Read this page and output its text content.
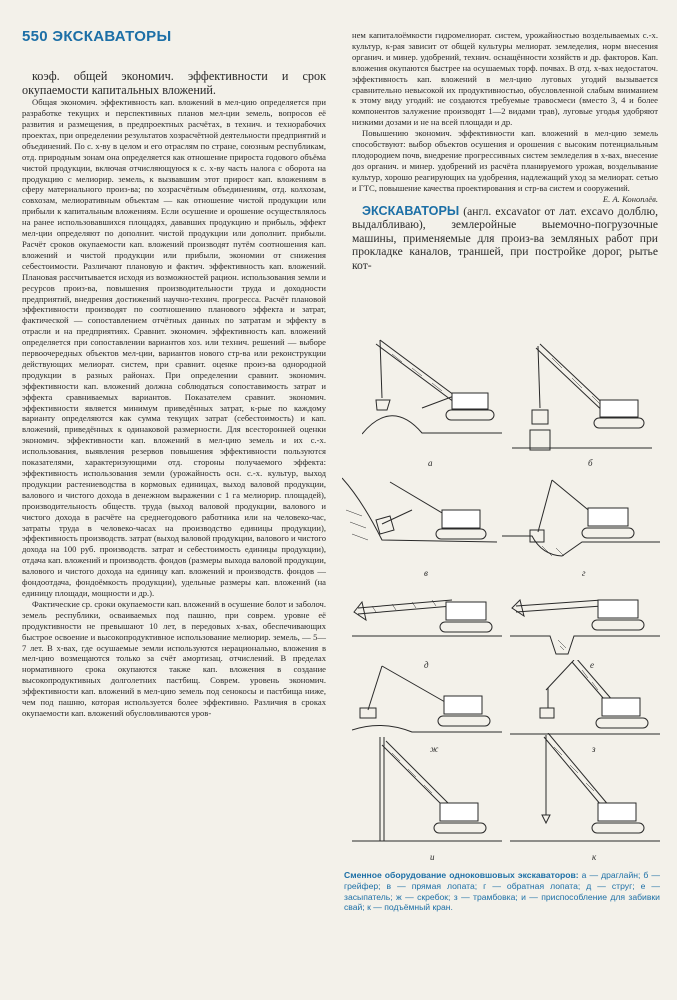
550 ЭКСКАВАТОРЫ

коэф. общей экономич. эффективности и срок окупаемости капитальных вложений.

Общая экономич. эффективность кап. вложений в мел-цию определяется при разработке текущих и перспективных планов мел-ции земель, вопросов её развития и размещения, в предпроектных расчётах, в технич. и технорабочих проектах, при определении результатов хозрасчётной деятельности предприятий и объединений. По с. х-ву в целом и его отраслям по стране, союзным республикам, отд. природным зонам она определяется как отношение прироста годового объёма чистой продукции, включая отчисляющуюся к с. х-ву часть налога с оборота на продукцию с мелиорир. земель, к вызвавшим этот прирост кап. вложениям в сферу материального произ-ва; по хозрасчётным объединениям, отд. колхозам, совхозам, мелиоративным объектам — как отношение чистой продукции или прибыли к капитальным вложениям. Если осушение и орошение осуществлялось на ранее использовавшихся площадях, дававших продукцию и прибыль, эффект мел-ции определяют по дополнит. чистой продукции или дополнит. прибыли. Расчёт сроков окупаемости кап. вложений производят путём соотношения кап. вложений и чистой продукции или прибыли, экономии от снижения себестоимости. Различают плановую и фактич. эффективность кап. вложений. Плановая рассчитывается исходя из возможностей рацион. использования земли и ресурсов произ-ва, повышения производительности труда и доходности предприятий, внедрения достижений научно-технич. прогресса. Расчёт плановой эффективности производят по соотношению планового эффекта и затрат, фактической — сопоставлением отчётных данных по затратам и эффекту в отрасли и на предприятиях. Сравнит. экономич. эффективность кап. вложений определяется при сопоставлении вариантов хоз. или технич. решений — выборе первоочередных объектов мел-ции, вариантов нового стр-ва или реконструкции действующих мелиорат. систем, при сравнит. оценке произ-ва однородной продукции в разных районах. При определении сравнит. экономич. эффективности кап. вложений должна соблюдаться сопоставимость затрат и эффекта сравниваемых вариантов. Показателем сравнит. экономич. эффективности является минимум приведённых затрат, к-рые по каждому варианту определяются как сумма текущих затрат (себестоимость) и кап. вложений, приведённых к одинаковой размерности. Для всесторонней оценки экономич. эффективности кап. вложений в мел-цию земель и их с.-х. использования, выявления резервов повышения эффективности пользуются показателями, характеризующими отд. стороны получаемого эффекта: эффективность использования земли (урожайность осн. с.-х. культур, выход продукции растениеводства в кормовых единицах, выход валовой продукции, валового и чистого дохода в денежном выражении с 1 га мелиорир. площадей), производительность обществ. труда (выход валовой продукции, валового и чистого дохода в расчёте на среднегодового работника или на человеко-час, затраты труда в человеко-часах на производство единицы продукции), эффективность производств. затрат (выход валовой продукции, валового и чистого дохода на 100 руб. производств. затрат и себестоимость единицы продукции), отдача кап. вложений и производств. фондов (размеры выхода валовой продукции, валового и чистого дохода на единицу кап. вложений и производств. фондов — фондоотдача, фондоёмкость продукции), удельные размеры кап. вложений (на единицу площади, мощности и др.).

Фактические ср. сроки окупаемости кап. вложений в осушение болот и заболоч. земель республики, осваиваемых под пашню, при соврем. уровне её продуктивности не превышают 10 лет, в передовых х-вах, обеспечивающих быстрое освоение и высокопродуктивное использование мелиорир. земель, — 5—7 лет. В х-вах, где осушаемые земли используются нерационально, вложения в мел-цию возмещаются только за счёт амортизац. отчислений. В пределах нормативного срока окупаются также кап. вложения в создание высокопродуктивных долголетних пастбищ. Соврем. уровень экономич. эффективности кап. вложений в мел-цию земель под сенокосы и пастбища ниже, чем под пашню, которая используется более эффективно. Различия в сроках окупаемости кап. вложений обусловливаются уров-

нем капиталоёмкости гидромелиорат. систем, урожайностью возделываемых с.-х. культур, к-рая зависит от общей культуры мелиорат. земледелия, норм внесения органич. и минер. удобрений, технич. оснащённости хозяйств и др. факторов. Кап. вложения окупаются быстрее на осушаемых торф. почвах. В отд. х-вах недостаточ. эффективность кап. вложений в мел-цию луговых угодий вызывается сравнительно невысокой их продуктивностью, обусловленной слабым вниманием к этому виду угодий: не создаются требуемые травосмеси (вместо 3, 4 и более компонентов залужение производят 1—2 видами трав), луговые угодья удобряют низкими дозами и не на всей площади и др.

Повышению экономич. эффективности кап. вложений в мел-цию земель способствуют: выбор объектов осушения и орошения с высоким потенциальным плодородием почв, внедрение прогрессивных систем земледелия в х-вах, внесение доз органич. и минер. удобрений из расчёта планируемого урожая, возделывание культур, хорошо реагирующих на удобрения, надлежащий уход за мелиорат. сетью и ГТС, повышение качества проектирования и стр-ва систем и сооружений.

Е. А. Коноплёв.

ЭКСКАВАТОРЫ (англ. excavator от лат. excavo долблю, выдалбливаю), землеройные выемочно-погрузочные машины, применяемые для произ-ва земляных работ при прокладке каналов, траншей, при постройке дорог, рытье кот-

а	б
в	г
д	е
ж	з
и	к
Сменное оборудование одноковшовых экскаваторов: а — драглайн; б — грейфер; в — прямая лопата; г — обратная лопата; д — струг; е — засыпатель; ж — скребок; з — трамбовка; и — приспособление для забивки свай; к — подъёмный кран.
